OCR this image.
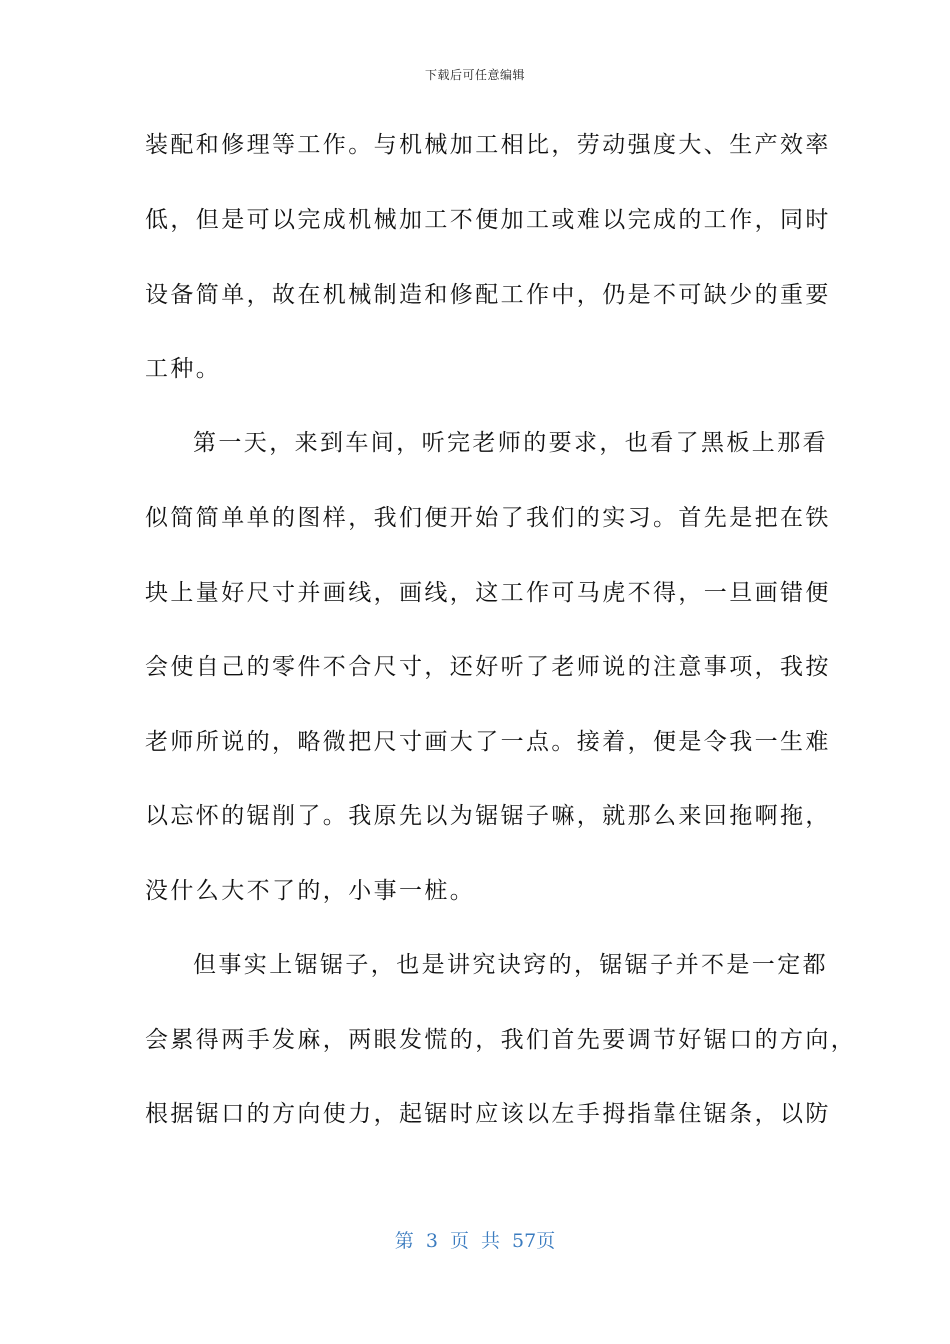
下载后可任意编辑
装配和修理等工作。与机械加工相比，劳动强度大、生产效率
低，但是可以完成机械加工不便加工或难以完成的工作，同时
设备简单，故在机械制造和修配工作中，仍是不可缺少的重要
工种。
第一天，来到车间，听完老师的要求，也看了黑板上那看
似简简单单的图样，我们便开始了我们的实习。首先是把在铁
块上量好尺寸并画线，画线，这工作可马虎不得，一旦画错便
会使自己的零件不合尺寸，还好听了老师说的注意事项，我按
老师所说的，略微把尺寸画大了一点。接着，便是令我一生难
以忘怀的锯削了。我原先以为锯锯子嘛，就那么来回拖啊拖，
没什么大不了的，小事一桩。
但事实上锯锯子，也是讲究诀窍的，锯锯子并不是一定都
会累得两手发麻，两眼发慌的，我们首先要调节好锯口的方向，
根据锯口的方向使力，起锯时应该以左手拇指靠住锯条，以防
第 3 页 共 57页
